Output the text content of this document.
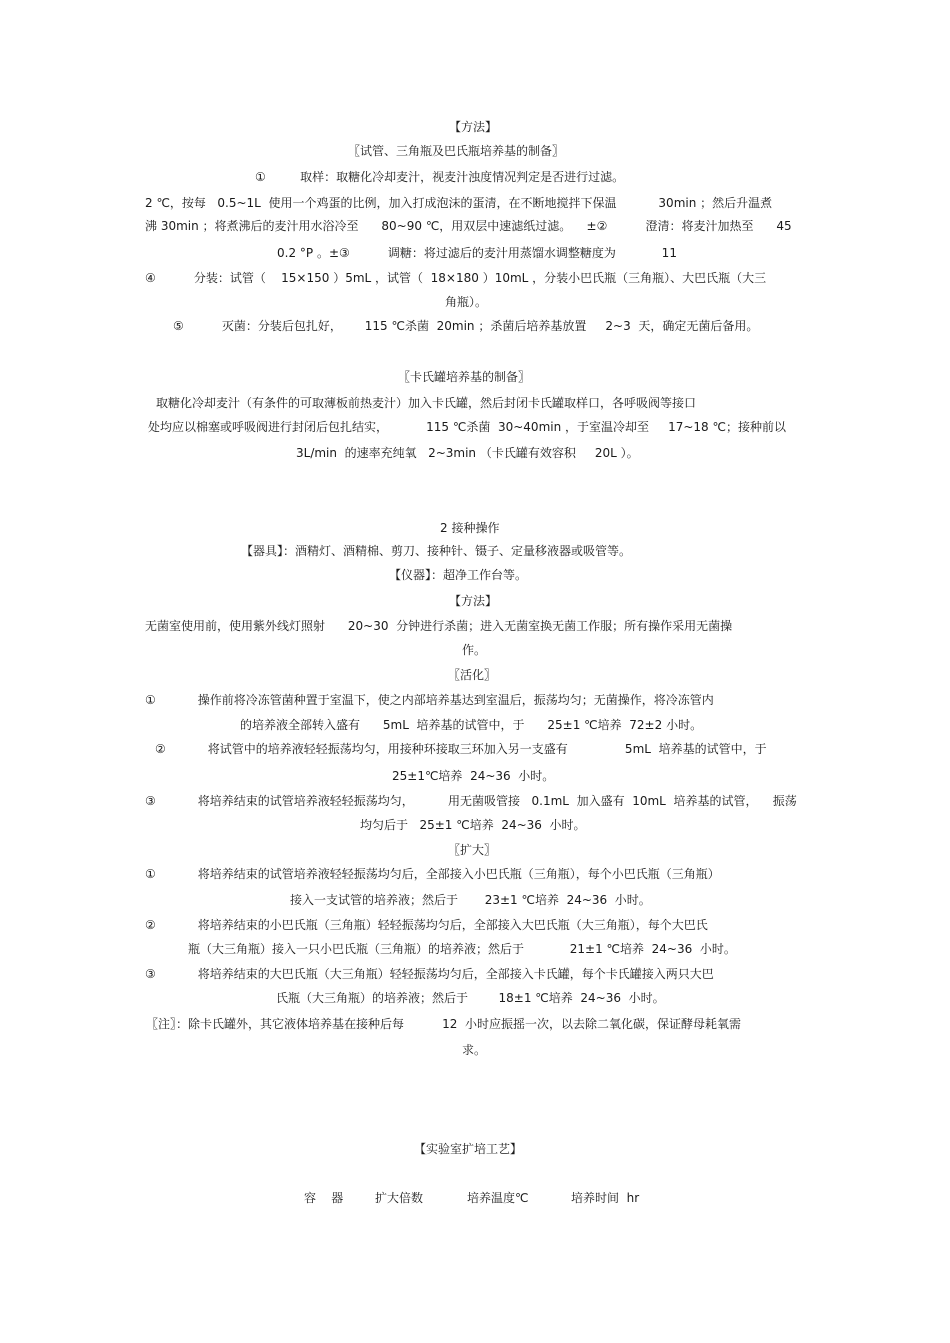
【方法】
〖试管、三角瓶及巴氏瓶培养基的制备〗
①         取样：取糖化冷却麦汁，视麦汁浊度情况判定是否进行过滤。
2 ℃，按每   0.5~1L  使用一个鸡蛋的比例，加入打成泡沫的蛋清，在不断地搅拌下保温           30min ；然后升温煮
沸 30min ；将煮沸后的麦汁用水浴冷至      80~90 ℃，用双层中速滤纸过滤。    ±②          澄清：将麦汁加热至      45
0.2 °P 。±③          调糖：将过滤后的麦汁用蒸馏水调整糖度为            11
④          分装：试管（    15×150 ）5mL ，试管（  18×180 ）10mL ，分装小巴氏瓶（三角瓶）、大巴氏瓶（大三
角瓶）。
⑤          灭菌：分装后包扎好，      115 ℃杀菌  20min ；杀菌后培养基放置     2~3  天，确定无菌后备用。
〖卡氏罐培养基的制备〗
取糖化冷却麦汁（有条件的可取薄板前热麦汁）加入卡氏罐，然后封闭卡氏罐取样口，各呼吸阀等接口
处均应以棉塞或呼吸阀进行封闭后包扎结实，          115 ℃杀菌  30~40min ，于室温冷却至     17~18 ℃；接种前以
3L/min  的速率充纯氧   2~3min （卡氏罐有效容积     20L ）。
2 接种操作
【器具】：酒精灯、酒精棉、剪刀、接种针、镊子、定量移液器或吸管等。
【仪器】：超净工作台等。
【方法】
无菌室使用前，使用紫外线灯照射      20~30  分钟进行杀菌；进入无菌室换无菌工作服；所有操作采用无菌操
作。
〖活化〗
①           操作前将冷冻管菌种置于室温下，使之内部培养基达到室温后，振荡均匀；无菌操作，将冷冻管内
的培养液全部转入盛有      5mL  培养基的试管中，于      25±1 ℃培养  72±2 小时。
②           将试管中的培养液轻轻振荡均匀，用接种环接取三环加入另一支盛有               5mL  培养基的试管中，于
25±1℃培养  24~36  小时。
③           将培养结束的试管培养液轻轻振荡均匀，         用无菌吸管接   0.1mL  加入盛有  10mL  培养基的试管，    振荡
均匀后于   25±1 ℃培养  24~36  小时。
〖扩大〗
①           将培养结束的试管培养液轻轻振荡均匀后，全部接入小巴氏瓶（三角瓶），每个小巴氏瓶（三角瓶）
接入一支试管的培养液；然后于       23±1 ℃培养  24~36  小时。
②           将培养结束的小巴氏瓶（三角瓶）轻轻振荡均匀后，全部接入大巴氏瓶（大三角瓶），每个大巴氏
瓶（大三角瓶）接入一只小巴氏瓶（三角瓶）的培养液；然后于            21±1 ℃培养  24~36  小时。
③           将培养结束的大巴氏瓶（大三角瓶）轻轻振荡均匀后，全部接入卡氏罐，每个卡氏罐接入两只大巴
氏瓶（大三角瓶）的培养液；然后于        18±1 ℃培养  24~36  小时。
〖注〗：除卡氏罐外，其它液体培养基在接种后每          12  小时应振摇一次，以去除二氧化碳，保证酵母耗氧需
求。
【实验室扩培工艺】
容    器	扩大倍数	培养温度℃	培养时间  hr
